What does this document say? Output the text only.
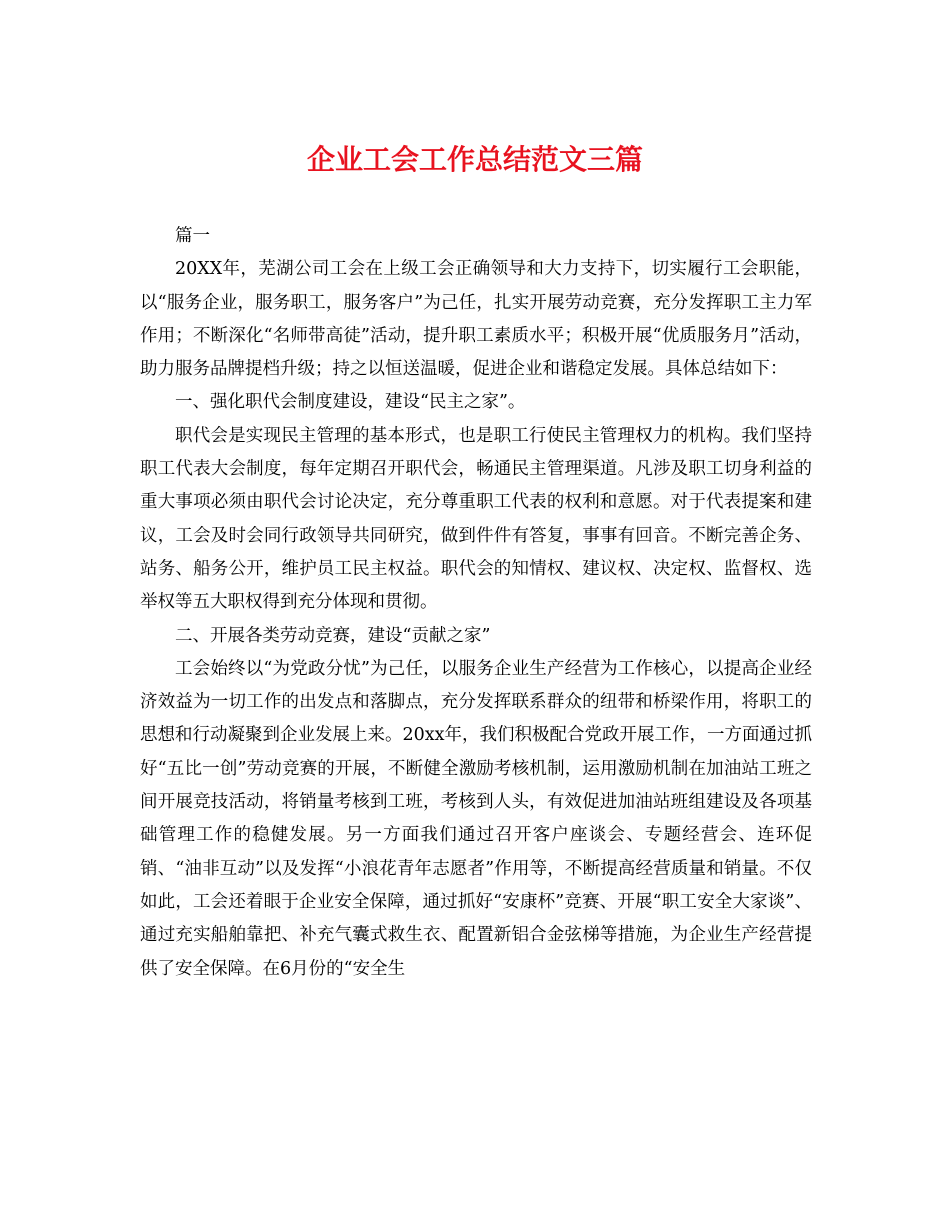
企业工会工作总结范文三篇

篇一

20XX年，芜湖公司工会在上级工会正确领导和大力支持下，切实履行工会职能，以“服务企业，服务职工，服务客户”为己任，扎实开展劳动竞赛，充分发挥职工主力军作用；不断深化“名师带高徒”活动，提升职工素质水平；积极开展“优质服务月”活动，助力服务品牌提档升级；持之以恒送温暖，促进企业和谐稳定发展。具体总结如下：

一、强化职代会制度建设，建设“民主之家”。

职代会是实现民主管理的基本形式，也是职工行使民主管理权力的机构。我们坚持职工代表大会制度，每年定期召开职代会，畅通民主管理渠道。凡涉及职工切身利益的重大事项必须由职代会讨论决定，充分尊重职工代表的权利和意愿。对于代表提案和建议，工会及时会同行政领导共同研究，做到件件有答复，事事有回音。不断完善企务、站务、船务公开，维护员工民主权益。职代会的知情权、建议权、决定权、监督权、选举权等五大职权得到充分体现和贯彻。

二、开展各类劳动竞赛，建设“贡献之家”

工会始终以“为党政分忧”为己任，以服务企业生产经营为工作核心，以提高企业经济效益为一切工作的出发点和落脚点，充分发挥联系群众的纽带和桥梁作用，将职工的思想和行动凝聚到企业发展上来。20xx年，我们积极配合党政开展工作，一方面通过抓好“五比一创”劳动竞赛的开展，不断健全激励考核机制，运用激励机制在加油站工班之间开展竞技活动，将销量考核到工班，考核到人头，有效促进加油站班组建设及各项基础管理工作的稳健发展。另一方面我们通过召开客户座谈会、专题经营会、连环促销、“油非互动”以及发挥“小浪花青年志愿者”作用等，不断提高经营质量和销量。不仅如此，工会还着眼于企业安全保障，通过抓好“安康杯”竞赛、开展“职工安全大家谈”、通过充实船舶靠把、补充气囊式救生衣、配置新铝合金弦梯等措施，为企业生产经营提供了安全保障。在6月份的“安全生
